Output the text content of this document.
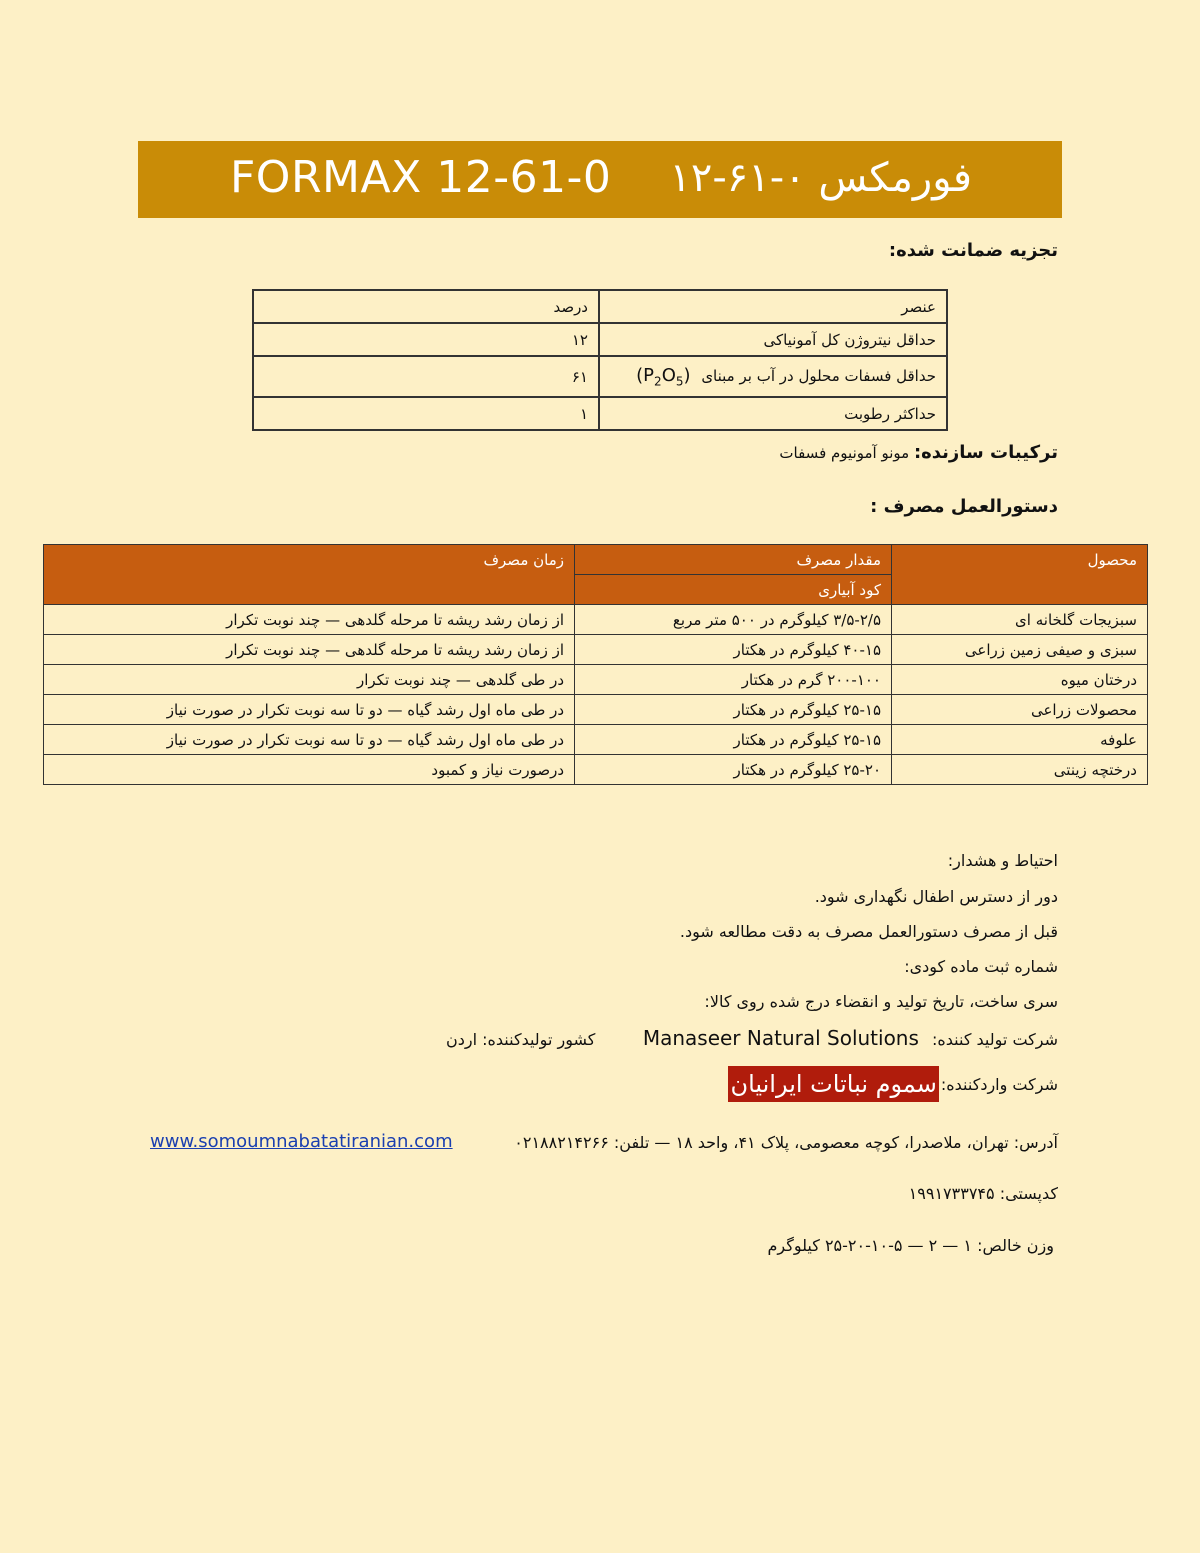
FORMAX 12-61-0 فورمکس ۰-۶۱-۱۲
تجزیه ضمانت شده:
عنصر	درصد
حداقل نیتروژن کل آمونیاکی	۱۲
حداقل فسفات محلول در آب بر مبنای $(P_2O_5)$	۶۱
حداکثر رطوبت	۱
ترکیبات سازنده: مونو آمونیوم فسفات
دستورالعمل مصرف :
محصول	مقدار مصرف	زمان مصرف
	کود آبیاری	
سبزیجات گلخانه ای	۳/۵-۲/۵ کیلوگرم در ۵۰۰ متر مربع	از زمان رشد ریشه تا مرحله گلدهی — چند نوبت تکرار
سبزی و صیفی زمین زراعی	۴۰-۱۵ کیلوگرم در هکتار	از زمان رشد ریشه تا مرحله گلدهی — چند نوبت تکرار
درختان میوه	۲۰۰-۱۰۰ گرم در هکتار	در طی گلدهی — چند نوبت تکرار
محصولات زراعی	۲۵-۱۵ کیلوگرم در هکتار	در طی ماه اول رشد گیاه — دو تا سه نوبت تکرار در صورت نیاز
علوفه	۲۵-۱۵ کیلوگرم در هکتار	در طی ماه اول رشد گیاه — دو تا سه نوبت تکرار در صورت نیاز
درختچه زینتی	۲۵-۲۰ کیلوگرم در هکتار	درصورت نیاز و کمبود
احتیاط و هشدار:
دور از دسترس اطفال نگهداری شود.
قبل از مصرف دستورالعمل مصرف به دقت مطالعه شود.
شماره ثبت ماده کودی:
سری ساخت، تاریخ تولید و انقضاء درج شده روی کالا:
شرکت تولید کننده: Manaseer Natural Solutions
کشور تولیدکننده: اردن
شرکت واردکننده:
سموم نباتات ایرانیان
آدرس: تهران، ملاصدرا، کوچه معصومی، پلاک ۴۱، واحد ۱۸ — تلفن: ۰۲۱۸۸۲۱۴۲۶۶
www.somoumnabatatiranian.com
کدپستی: ۱۹۹۱۷۳۳۷۴۵
وزن خالص: ۱ — ۲ — ۵-۱۰-۲۰-۲۵ کیلوگرم
